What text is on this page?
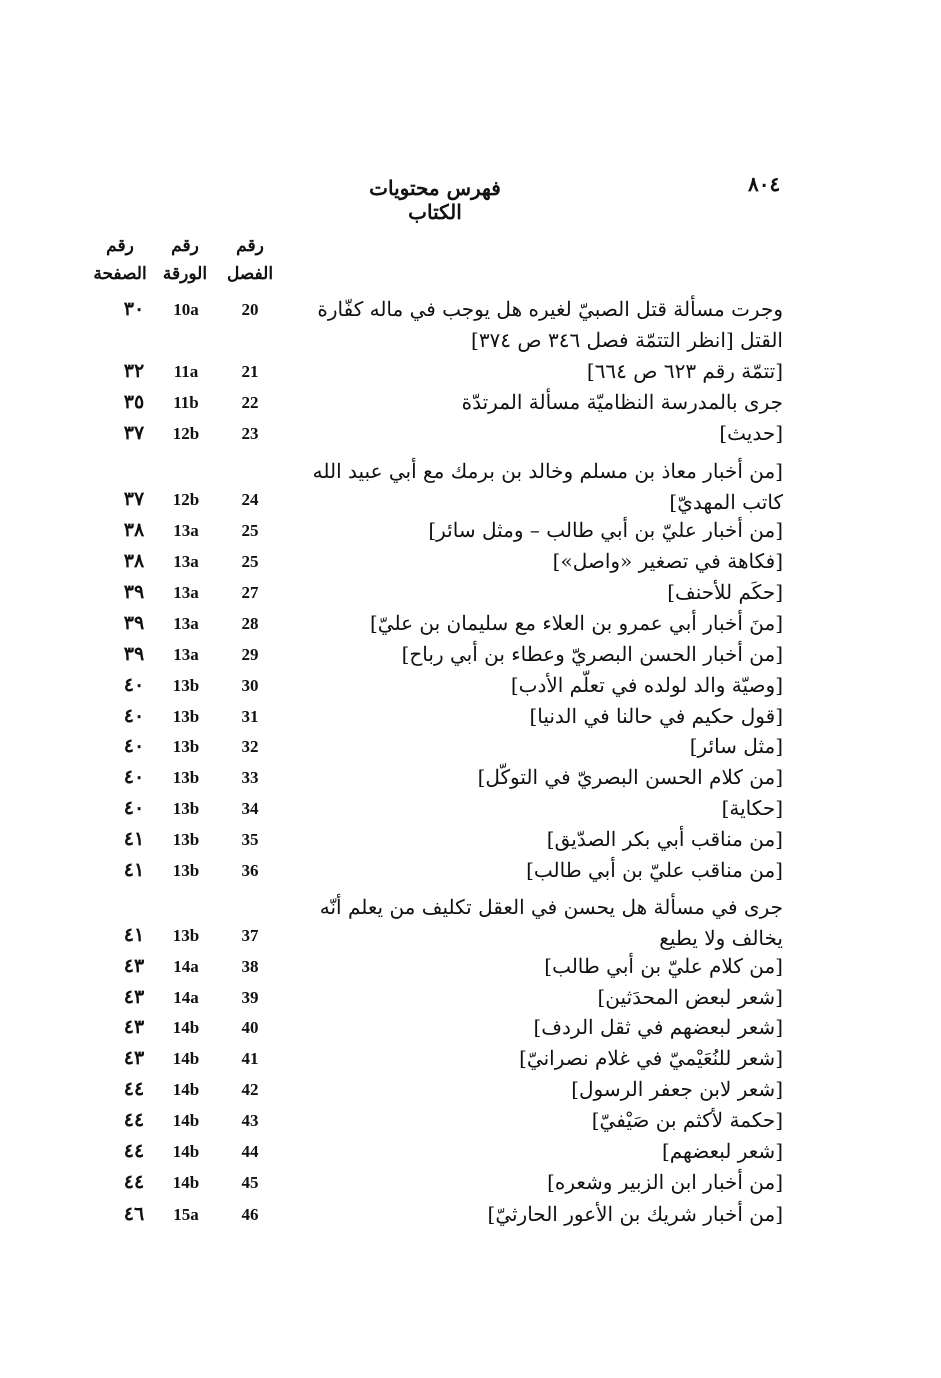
٨٠٤
فهرس محتويات الكتاب
رقم
الفصل
رقم
الورقة
رقم
الصفحة
وجرت مسألة قتل الصبيّ لغيره هل يوجب في ماله كفّارة القتل [انظر التتمّة فصل ٣٤٦ ص ٣٧٤]
20
10a
٣٠
[تتمّة رقم ٦٢٣ ص ٦٦٤]
21
11a
٣٢
جرى بالمدرسة النظاميّة مسألة المرتدّة
22
11b
٣٥
[حديث]
23
12b
٣٧
[من أخبار معاذ بن مسلم وخالد بن برمك مع أبي عبيد الله كاتب المهديّ]
24
12b
٣٧
[من أخبار عليّ بن أبي طالب – ومثل سائر]
25
13a
٣٨
[فكاهة في تصغير «واصل»]
25
13a
٣٨
[حكَم للأحنف]
27
13a
٣٩
[منَ أخبار أبي عمرو بن العلاء مع سليمان بن عليّ]
28
13a
٣٩
[من أخبار الحسن البصريّ وعطاء بن أبي رباح]
29
13a
٣٩
[وصيّة والد لولده في تعلّم الأدب]
30
13b
٤٠
[قول حكيم في حالنا في الدنيا]
31
13b
٤٠
[مثل سائر]
32
13b
٤٠
[من كلام الحسن البصريّ في التوكّل]
33
13b
٤٠
[حكاية]
34
13b
٤٠
[من مناقب أبي بكر الصدّيق]
35
13b
٤١
[من مناقب عليّ بن أبي طالب]
36
13b
٤١
جرى في مسألة هل يحسن في العقل تكليف من يعلم أنّه يخالف ولا يطيع
37
13b
٤١
[من كلام عليّ بن أبي طالب]
38
14a
٤٣
[شعر لبعض المحدَثين]
39
14a
٤٣
[شعر لبعضهم في ثقل الردف]
40
14b
٤٣
[شعر للنُعَيْميّ في غلام نصرانيّ]
41
14b
٤٣
[شعر لابن جعفر الرسول]
42
14b
٤٤
[حكمة لأكثم بن صَيْفيّ]
43
14b
٤٤
[شعر لبعضهم]
44
14b
٤٤
[من أخبار ابن الزبير وشعره]
45
14b
٤٤
[من أخبار شريك بن الأعور الحارثيّ]
46
15a
٤٦
